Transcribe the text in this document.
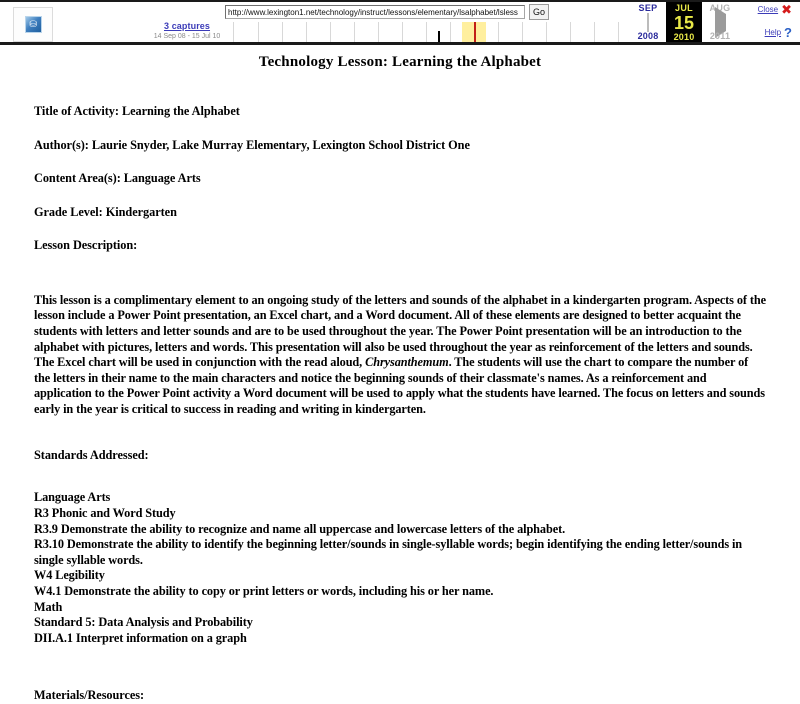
⛁	3 captures
14 Sep 08 - 15 Jul 10
http://www.lexington1.net/technology/instruct/lessons/elementary/lsalphabet/lsless
Go	SEP
2008
JUL
15
2010
AUG
2011
Close ✖
Help ?
Technology Lesson: Learning the Alphabet

Title of Activity: Learning the Alphabet

Author(s): Laurie Snyder, Lake Murray Elementary, Lexington School District One

Content Area(s): Language Arts

Grade Level: Kindergarten

Lesson Description:

This lesson is a complimentary element to an ongoing study of the letters and sounds of the alphabet in a kindergarten program. Aspects of the lesson include a Power Point presentation, an Excel chart, and a Word document. All of these elements are designed to better acquaint the students with letters and letter sounds and are to be used throughout the year. The Power Point presentation will be an introduction to the alphabet with pictures, letters and words. This presentation will also be used throughout the year as reinforcement of the letters and sounds. The Excel chart will be used in conjunction with the read aloud, Chrysanthemum. The students will use the chart to compare the number of the letters in their name to the main characters and notice the beginning sounds of their classmate's names. As a reinforcement and application to the Power Point activity a Word document will be used to apply what the students have learned. The focus on letters and sounds early in the year is critical to success in reading and writing in kindergarten.

Standards Addressed:

Language Arts
R3 Phonic and Word Study
R3.9 Demonstrate the ability to recognize and name all uppercase and lowercase letters of the alphabet.
R3.10 Demonstrate the ability to identify the beginning letter/sounds in single-syllable words; begin identifying the ending letter/sounds in single syllable words.
W4 Legibility
W4.1 Demonstrate the ability to copy or print letters or words, including his or her name.
Math
Standard 5: Data Analysis and Probability
DII.A.1 Interpret information on a graph

Materials/Resources:
